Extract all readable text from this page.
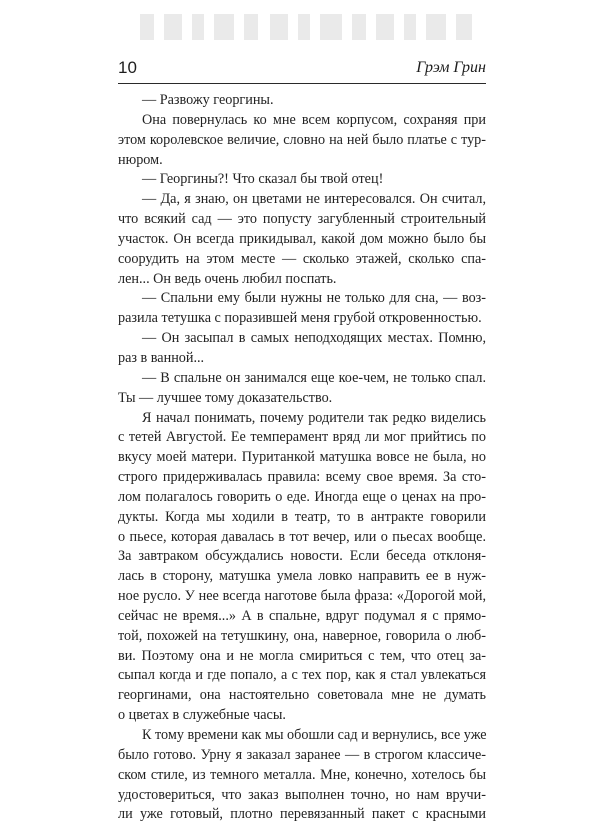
10	Грэм Грин
— Развожу георгины.
Она повернулась ко мне всем корпусом, сохраняя при
этом королевское величие, словно на ней было платье с тур-
нюром.
— Георгины?! Что сказал бы твой отец!
— Да, я знаю, он цветами не интересовался. Он считал,
что всякий сад — это попусту загубленный строительный
участок. Он всегда прикидывал, какой дом можно было бы
соорудить на этом месте — сколько этажей, сколько спа-
лен... Он ведь очень любил поспать.
— Спальни ему были нужны не только для сна, — воз-
разила тетушка с поразившей меня грубой откровенностью.
— Он засыпал в самых неподходящих местах. Помню,
раз в ванной...
— В спальне он занимался еще кое-чем, не только спал.
Ты — лучшее тому доказательство.
Я начал понимать, почему родители так редко виделись
с тетей Августой. Ее темперамент вряд ли мог прийтись по
вкусу моей матери. Пуританкой матушка вовсе не была, но
строго придерживалась правила: всему свое время. За сто-
лом полагалось говорить о еде. Иногда еще о ценах на про-
дукты. Когда мы ходили в театр, то в антракте говорили
о пьесе, которая давалась в тот вечер, или о пьесах вообще.
За завтраком обсуждались новости. Если беседа отклоня-
лась в сторону, матушка умела ловко направить ее в нуж-
ное русло. У нее всегда наготове была фраза: «Дорогой мой,
сейчас не время...» А в спальне, вдруг подумал я с прямо-
той, похожей на тетушкину, она, наверное, говорила о люб-
ви. Поэтому она и не могла смириться с тем, что отец за-
сыпал когда и где попало, а с тех пор, как я стал увлекаться
георгинами, она настоятельно советовала мне не думать
о цветах в служебные часы.
К тому времени как мы обошли сад и вернулись, все уже
было готово. Урну я заказал заранее — в строгом классиче-
ском стиле, из темного металла. Мне, конечно, хотелось бы
удостовериться, что заказ выполнен точно, но нам вручи-
ли уже готовый, плотно перевязанный пакет с красными
